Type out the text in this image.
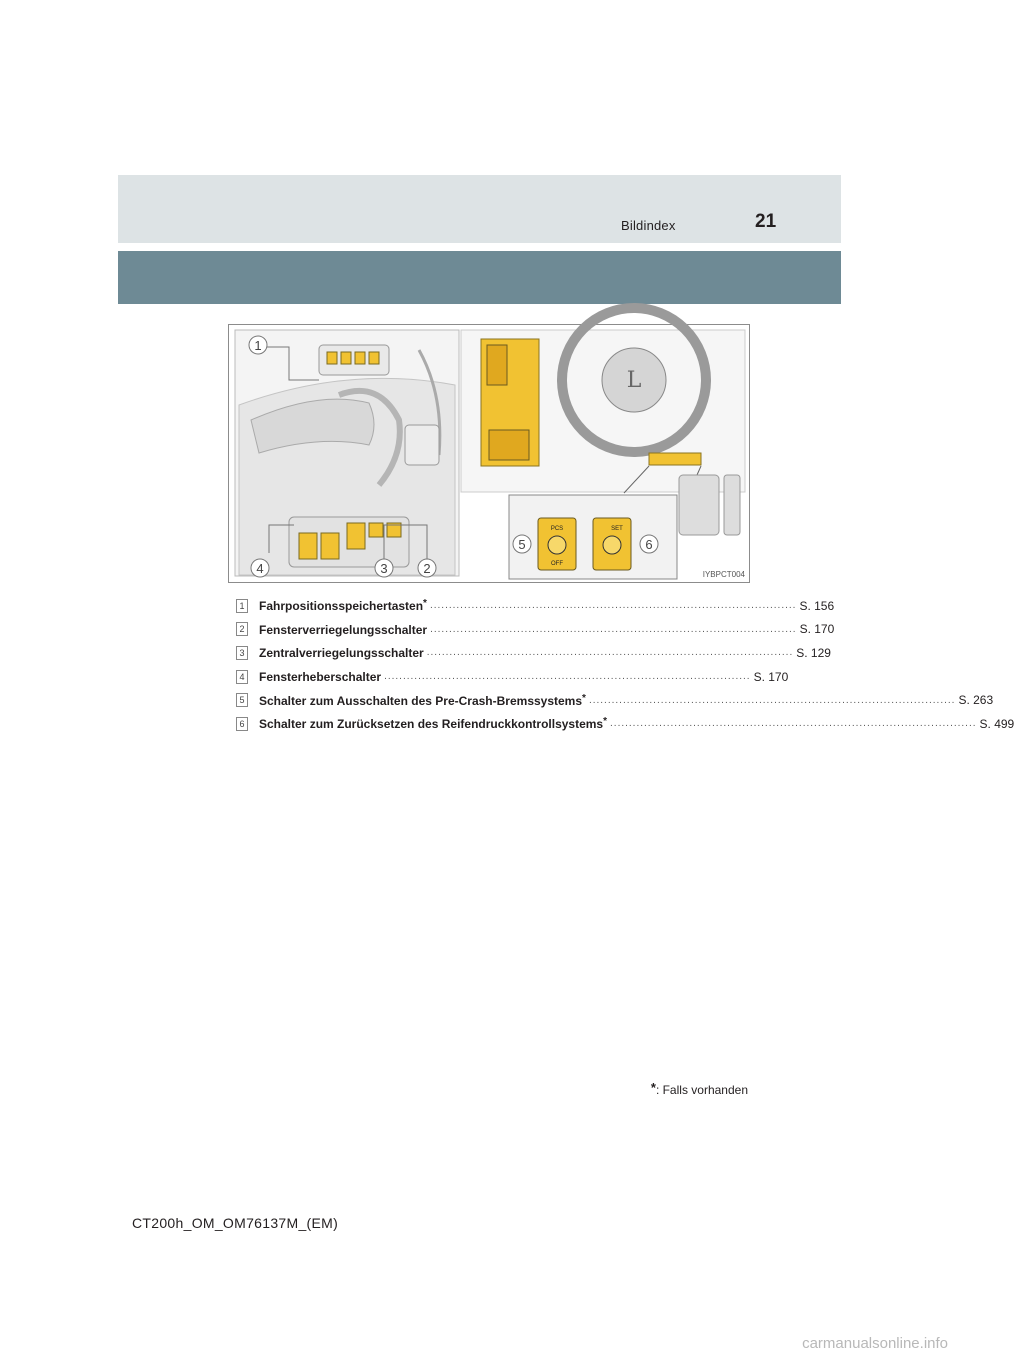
Bildindex	21
L
PCS
OFF
SET
1
2
3
4
5	6
IYBPCT004
1 Fahrpositionsspeichertasten* ................................................................................................. S. 156
2 Fensterverriegelungsschalter ................................................................................................. S. 170
3 Zentralverriegelungsschalter ................................................................................................. S. 129
4 Fensterheberschalter ................................................................................................. S. 170
5 Schalter zum Ausschalten des Pre-Crash-Bremssystems* ................................................................................................. S. 263
6 Schalter zum Zurücksetzen des Reifendruckkontrollsystems* ................................................................................................. S. 499
*: Falls vorhanden
CT200h_OM_OM76137M_(EM)
carmanualsonline.info
